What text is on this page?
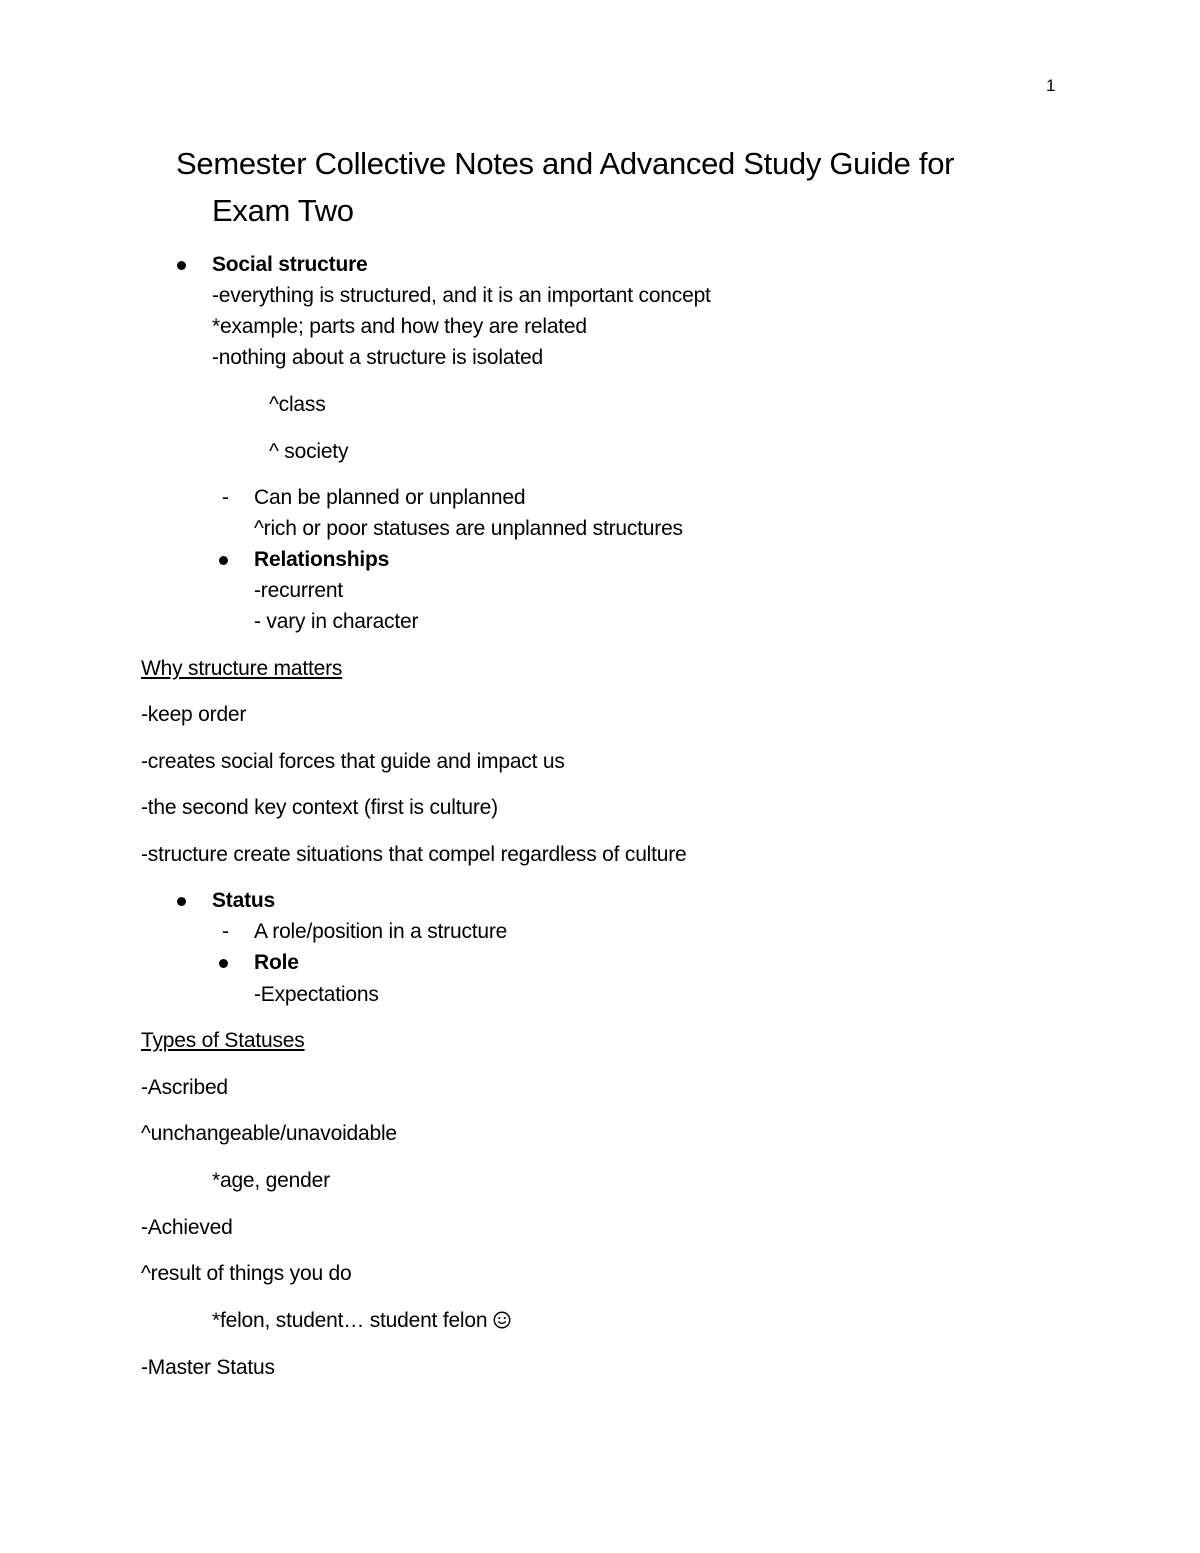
1
Semester Collective Notes and Advanced Study Guide for
Exam Two
Social structure
-everything is structured, and it is an important concept
*example; parts and how they are related
-nothing about a structure is isolated
^class
^ society
- Can be planned or unplanned
^rich or poor statuses are unplanned structures
Relationships
-recurrent
- vary in character
Why structure matters
-keep order
-creates social forces that guide and impact us
-the second key context (first is culture)
-structure create situations that compel regardless of culture
Status
- A role/position in a structure
Role
-Expectations
Types of Statuses
-Ascribed
^unchangeable/unavoidable
*age, gender
-Achieved
^result of things you do
*felon, student… student felon
-Master Status
